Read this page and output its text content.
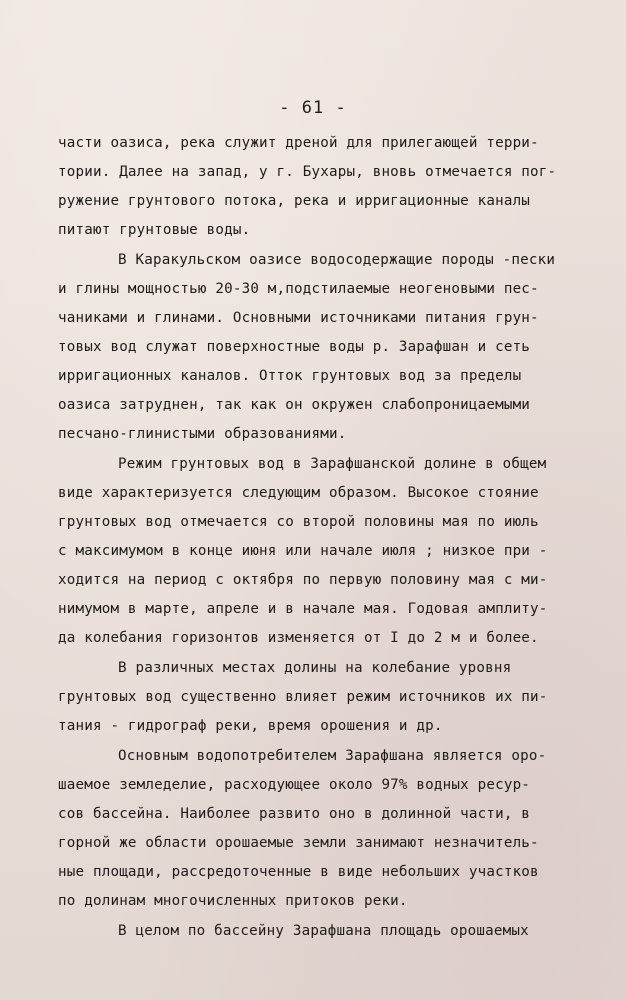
- 61 -
части оазиса, река служит дреной для прилегающей терри-
тории. Далее на запад, у г. Бухары, вновь отмечается пог-
ружение грунтового потока, река и ирригационные каналы
питают грунтовые воды.
В Каракульском оазисе водосодержащие породы -пески
и глины мощностью 20-30 м,подстилаемые неогеновыми пес-
чаниками и глинами. Основными источниками питания грун-
товых вод служат поверхностные воды р. Зарафшан и сеть
ирригационных каналов. Отток грунтовых вод за пределы
оазиса затруднен, так как он окружен слабопроницаемыми
песчано-глинистыми образованиями.
Режим грунтовых вод в Зарафшанской долине в общем
виде характеризуется следующим образом. Высокое стояние
грунтовых вод отмечается со второй половины мая по июль
с максимумом в конце июня или начале июля ; низкое при -
ходится на период с октября по первую половину мая с ми-
нимумом в марте, апреле и в начале мая. Годовая амплиту-
да колебания горизонтов изменяется от I до 2 м и более.
В различных местах долины на колебание уровня
грунтовых вод существенно влияет режим источников их пи-
тания - гидрограф реки, время орошения и др.
Основным водопотребителем Зарафшана является оро-
шаемое земледелие, расходующее около 97% водных ресур-
сов бассейна. Наиболее развито оно в долинной части, в
горной же области орошаемые земли занимают незначитель-
ные площади, рассредоточенные в виде небольших участков
по долинам многочисленных притоков реки.
В целом по бассейну Зарафшана площадь орошаемых
